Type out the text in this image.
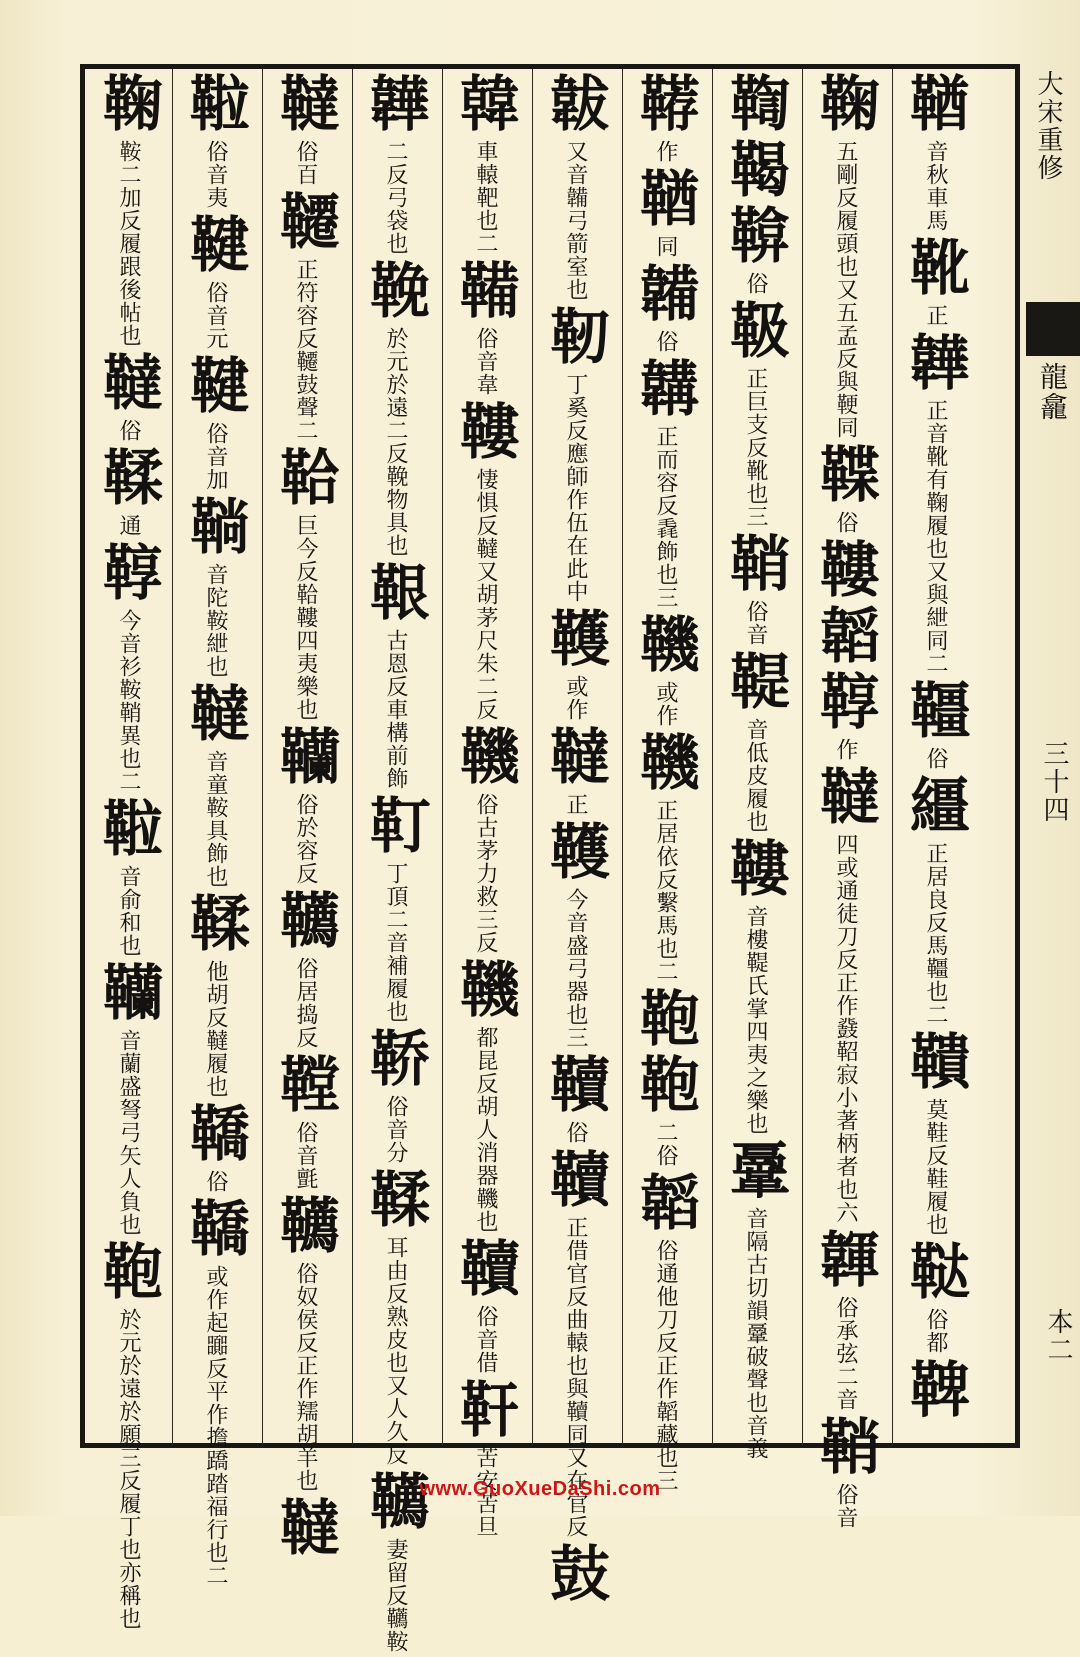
鞧
音秋車馬
靴
正
韡
正音靴有鞠履也又與紲同二
韁
俗
繮
正居良反馬韁也二
鞼
莫鞋反鞋履也
鞑
俗都
鞞
鞠
五剛反履頭也又五孟反與鞕同
鞢
俗
鞻
韜
鞟
作
韃
四或通徒刀反正作鼗鞀寂小著柄者也六
韗
俗承弦二音
鞘
俗音
鞫
鞨
鞥
俗
靸
正巨支反靴也三
鞘
俗音
鞮
音低皮履也
鞻
音樓鞮氏掌四夷之樂也
鞷
音隔古切韻鞷破聲也音義
鞯
作
鞧
同
韛
俗
韝
正而容反毳飾也三
鞿
或作
鞿
正居依反繫馬也二
鞄
鞄
二俗
韜
俗通他刀反正作韜藏也三
韍
又音韛弓箭室也
靭
丁奚反應師作伍在此中
韄
或作
韃
正
韄
今音盛弓器也三
韇
俗
韇
正借官反曲轅也與韇同又在官反
鼓
韓
車轅靶也二
鞴
俗音韋
鞻
悽惧反韃又胡茅尺朱二反
鞿
俗古茅力救三反
鞿
都昆反胡人消器鞿也
韇
俗音借
靬
苦安苦旦
韡
二反弓袋也
鞔
於元於遠二反鞔物具也
鞎
古恩反車構前飾
靪
丁頂二音補履也
鞒
俗音分
鞣
耳由反熟皮也又人久反
韉
妻留反韉鞍
韃
俗百
韆
正符容反韆鼓聲二
鞈
巨今反鞈鞻四夷樂也
韊
俗於容反
韉
俗居捣反
鞺
俗音氈
韉
俗奴侯反正作羺胡羊也
韃
鞡
俗音夷
鞬
俗音元
鞬
俗音加
鞝
音陀鞍紲也
韃
音童鞍具飾也
鞣
他胡反韃履也
鞽
俗
鞽
或作起嚻反平作擔蹻踏福行也二
鞠
鞍二加反履跟後帖也
韃
俗
鞣
通
鞟
今音衫鞍鞘異也二
鞡
音俞和也
韊
音蘭盛弩弓矢人負也
鞄
於元於遠於願三反履丁也亦稱也
大宋重修
龍龕
三十四
本二
www.GuoXueDaShi.com
